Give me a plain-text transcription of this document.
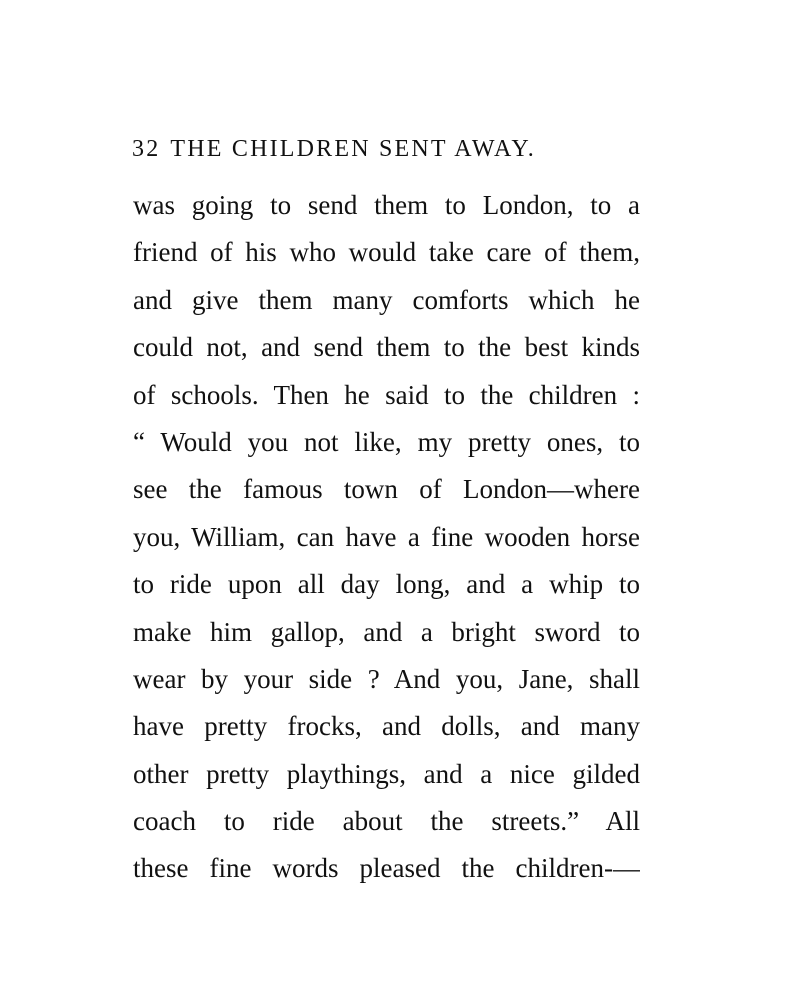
32 THE CHILDREN SENT AWAY.
was going to send them to London, to a
friend of his who would take care of them,
and give them many comforts which he
could not, and send them to the best kinds
of schools. Then he said to the children :
“ Would you not like, my pretty ones, to
see the famous town of London—where
you, William, can have a fine wooden horse
to ride upon all day long, and a whip to
make him gallop, and a bright sword to
wear by your side ? And you, Jane, shall
have pretty frocks, and dolls, and many
other pretty playthings, and a nice gilded
coach to ride about the streets.” All
these fine words pleased the children-—
